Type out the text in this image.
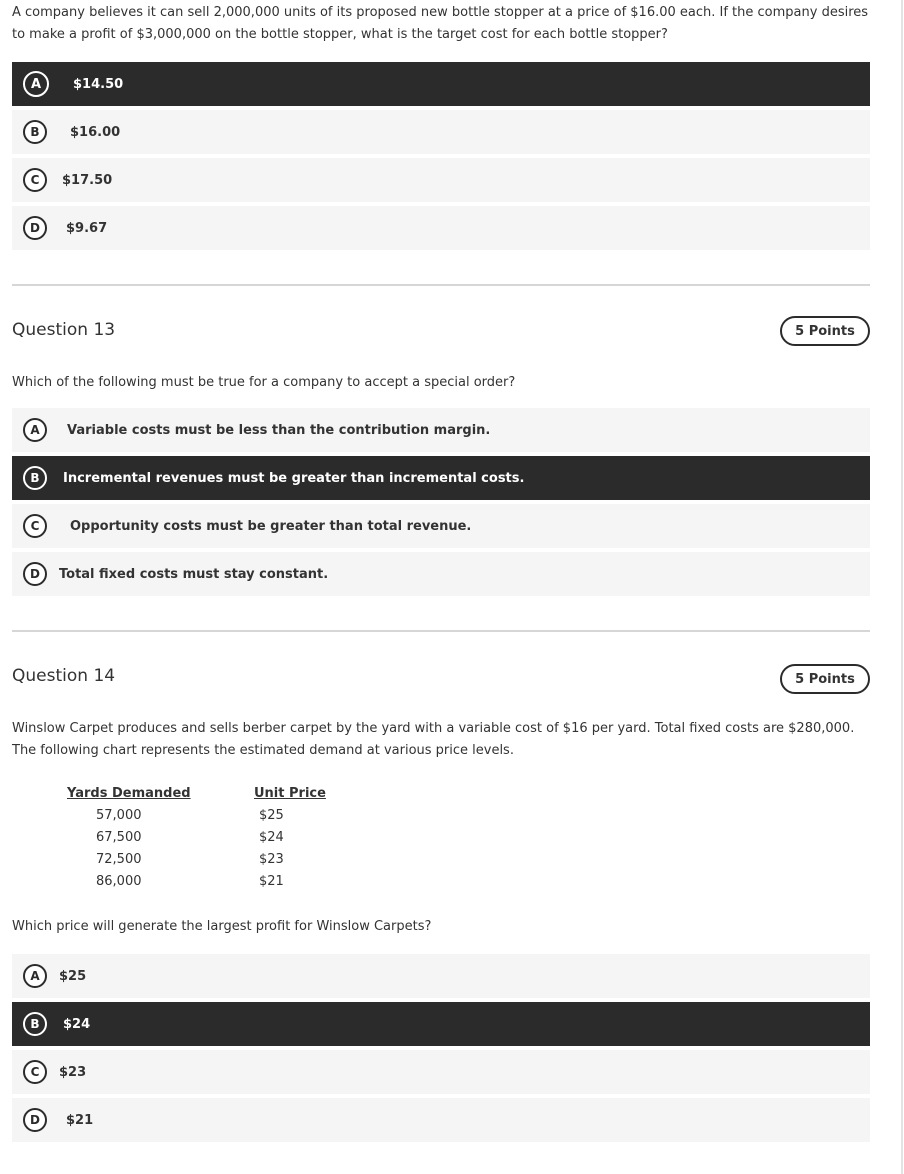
A company believes it can sell 2,000,000 units of its proposed new bottle stopper at a price of $16.00 each. If the company desires

to make a profit of $3,000,000 on the bottle stopper, what is the target cost for each bottle stopper?

A	$14.50
B	$16.00
C	$17.50
D	$9.67
Question 13	5 Points

Which of the following must be true for a company to accept a special order?

A	Variable costs must be less than the contribution margin.
B	Incremental revenues must be greater than incremental costs.
C	Opportunity costs must be greater than total revenue.
D	Total fixed costs must stay constant.
Question 14	5 Points

Winslow Carpet produces and sells berber carpet by the yard with a variable cost of $16 per yard. Total fixed costs are $280,000.

The following chart represents the estimated demand at various price levels.

Yards Demanded	Unit Price
57,000	$25
67,500	$24
72,500	$23
86,000	$21

Which price will generate the largest profit for Winslow Carpets?

A	$25
B	$24
C	$23
D	$21
